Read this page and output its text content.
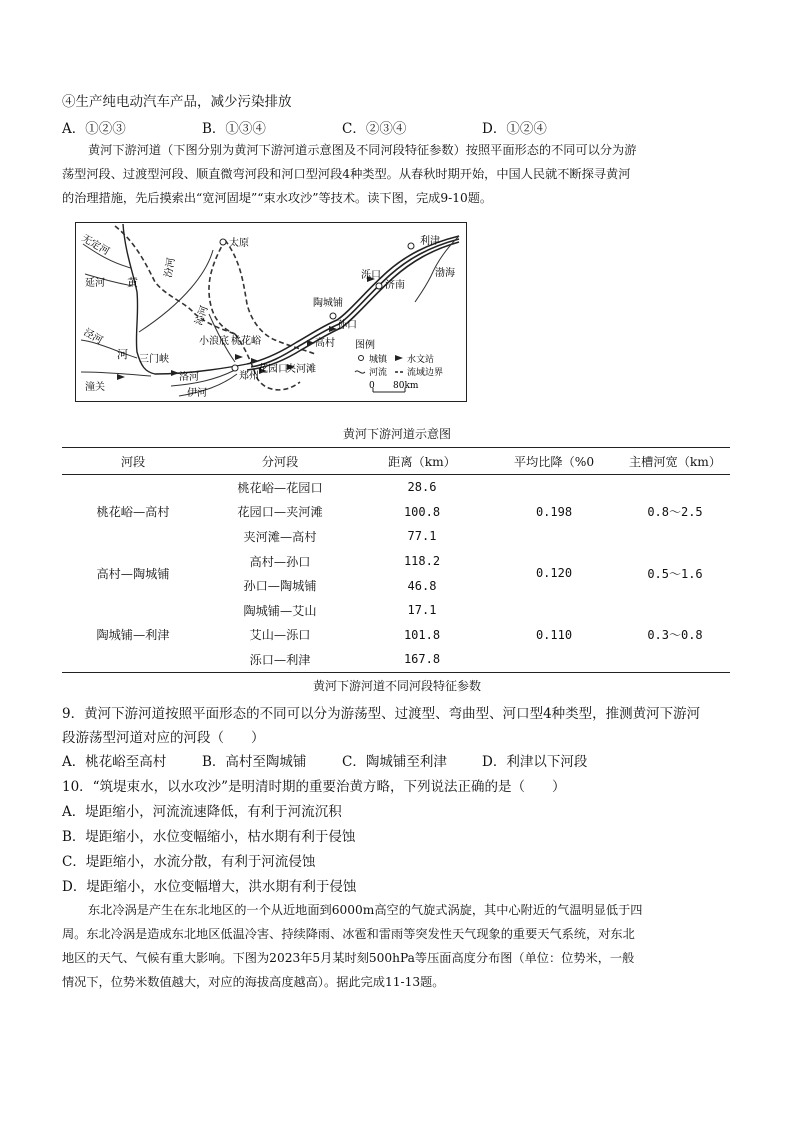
④生产纯电动汽车产品，减少污染排放
A．①②③	B．①③④	C．②③④	D．①②④
黄河下游河道（下图分别为黄河下游河道示意图及不同河段特征参数）按照平面形态的不同可以分为游
荡型河段、过渡型河段、顺直微弯河段和河口型河段4种类型。从春秋时期开始，中国人民就不断探寻黄河
的治理措施，先后摸索出“宽河固堤”“束水攻沙”等技术。读下图，完成9-10题。
太原	利津
渤海
泺口
济南
陶城铺
孙口
高村
桃花峪
小浪底
三门峡
郑州
花园口
夹河滩
潼关
黄
河
汾河
延河
无定河
泾河
洛河
伊河
沁河
图例
城镇 水文站
河流 流域边界
0 80km
黄河下游河道示意图
河段	分河段	距离（km）	平均比降（%0	主槽河宽（km）
桃花峪—高村	桃花峪—花园口	28.6	0.198	0.8～2.5
	花园口—夹河滩	100.8		
	夹河滩—高村	77.1		
高村—陶城铺	高村—孙口	118.2	0.120	0.5～1.6
	孙口—陶城铺	46.8		
陶城铺—利津	陶城铺—艾山	17.1	0.110	0.3～0.8
	艾山—泺口	101.8		
	泺口—利津	167.8		
黄河下游河道不同河段特征参数
9．黄河下游河道按照平面形态的不同可以分为游荡型、过渡型、弯曲型、河口型4种类型，推测黄河下游河
段游荡型河道对应的河段（　　）
A．桃花峪至高村	B．高村至陶城铺	C．陶城铺至利津	D．利津以下河段
10．“筑堤束水，以水攻沙”是明清时期的重要治黄方略，下列说法正确的是（　　）
A．堤距缩小，河流流速降低，有利于河流沉积
B．堤距缩小，水位变幅缩小，枯水期有利于侵蚀
C．堤距缩小，水流分散，有利于河流侵蚀
D．堤距缩小，水位变幅增大，洪水期有利于侵蚀
东北冷涡是产生在东北地区的一个从近地面到6000m高空的气旋式涡旋，其中心附近的气温明显低于四
周。东北冷涡是造成东北地区低温冷害、持续降雨、冰雹和雷雨等突发性天气现象的重要天气系统，对东北
地区的天气、气候有重大影响。下图为2023年5月某时刻500hPa等压面高度分布图（单位：位势米，一般
情况下，位势米数值越大，对应的海拔高度越高）。据此完成11-13题。
